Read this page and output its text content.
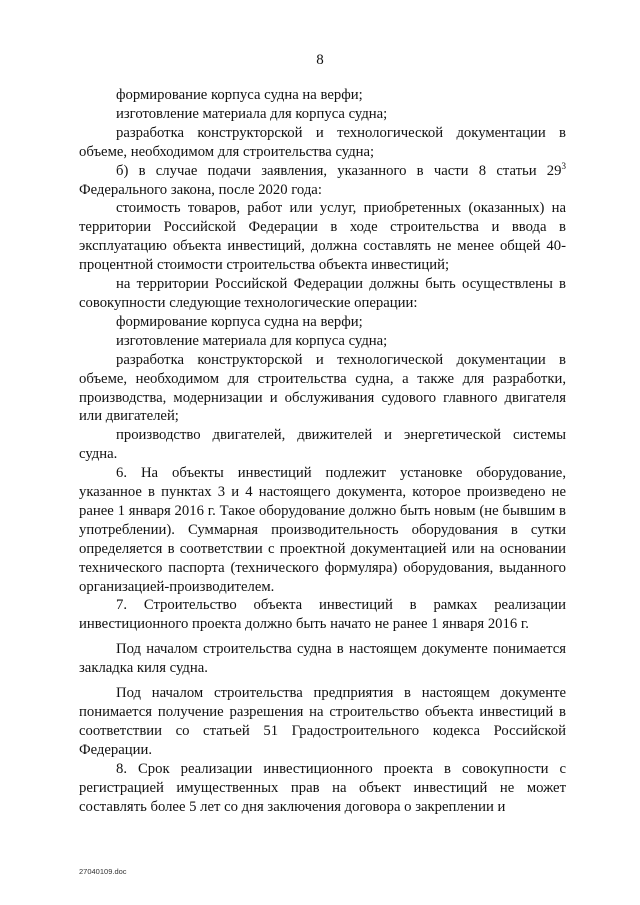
8

формирование корпуса судна на верфи;

изготовление материала для корпуса судна;

разработка конструкторской и технологической документации в объеме, необходимом для строительства судна;

б) в случае подачи заявления, указанного в части 8 статьи $29^3$ Федерального закона, после 2020 года:

стоимость товаров, работ или услуг, приобретенных (оказанных) на территории Российской Федерации в ходе строительства и ввода в эксплуатацию объекта инвестиций, должна составлять не менее общей 40-процентной стоимости строительства объекта инвестиций;

на территории Российской Федерации должны быть осуществлены в совокупности следующие технологические операции:

формирование корпуса судна на верфи;

изготовление материала для корпуса судна;

разработка конструкторской и технологической документации в объеме, необходимом для строительства судна, а также для разработки, производства, модернизации и обслуживания судового главного двигателя или двигателей;

производство двигателей, движителей и энергетической системы судна.

6. На объекты инвестиций подлежит установке оборудование, указанное в пунктах 3 и 4 настоящего документа, которое произведено не ранее 1 января 2016 г. Такое оборудование должно быть новым (не бывшим в употреблении). Суммарная производительность оборудования в сутки определяется в соответствии с проектной документацией или на основании технического паспорта (технического формуляра) оборудования, выданного организацией-производителем.

7. Строительство объекта инвестиций в рамках реализации инвестиционного проекта должно быть начато не ранее 1 января 2016 г.

Под началом строительства судна в настоящем документе понимается закладка киля судна.

Под началом строительства предприятия в настоящем документе понимается получение разрешения на строительство объекта инвестиций в соответствии со статьей 51 Градостроительного кодекса Российской Федерации.

8. Срок реализации инвестиционного проекта в совокупности с регистрацией имущественных прав на объект инвестиций не может составлять более 5 лет со дня заключения договора о закреплении и

27040109.doc
